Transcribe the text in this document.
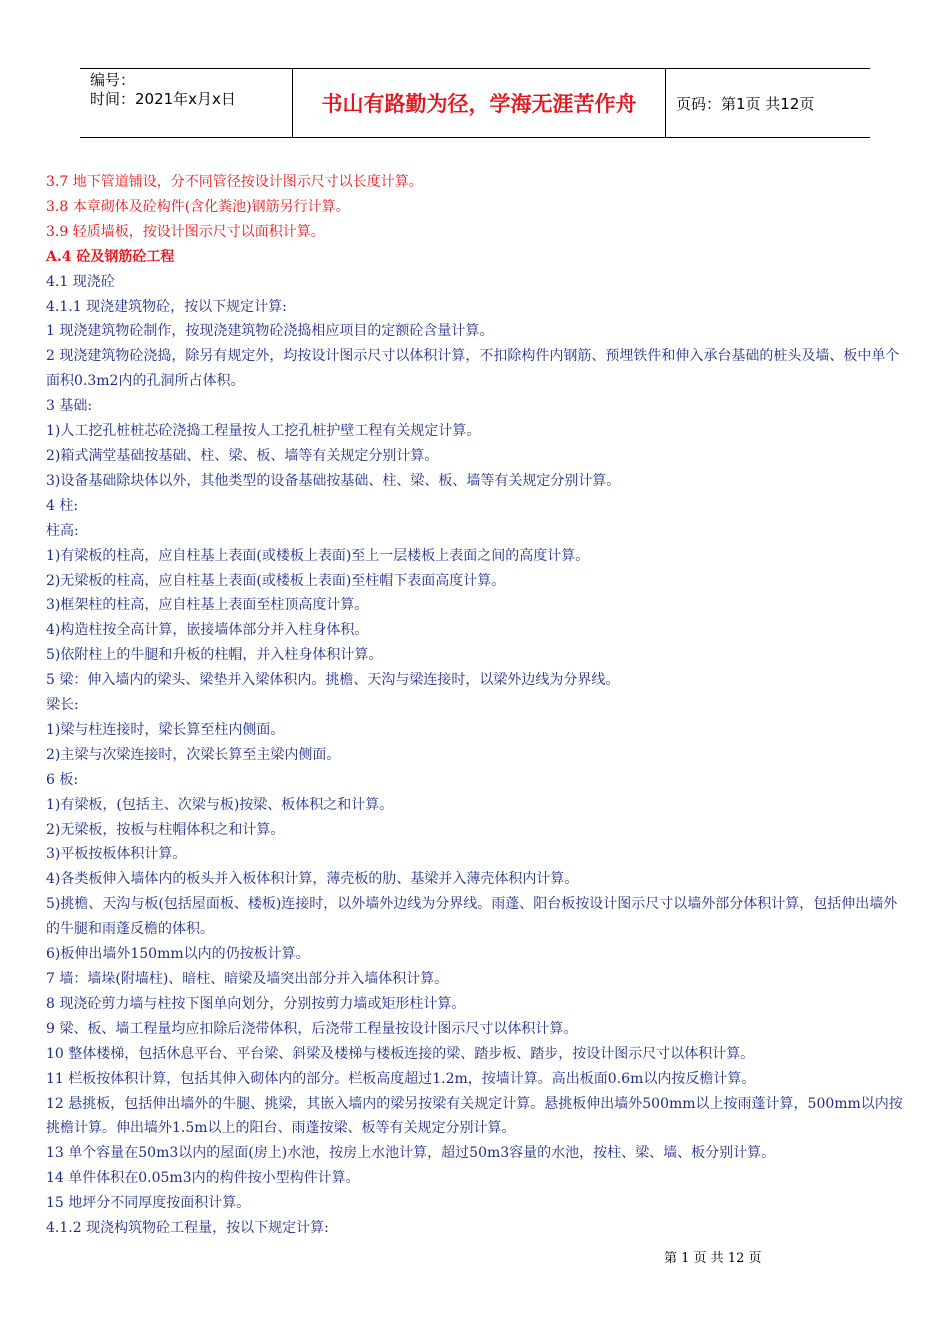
编号：
时间：2021年x月x日	书山有路勤为径，学海无涯苦作舟	页码：第1页 共12页
3.7 地下管道铺设，分不同管径按设计图示尺寸以长度计算。
3.8 本章砌体及砼构件(含化粪池)钢筋另行计算。
3.9 轻质墙板，按设计图示尺寸以面积计算。
A.4 砼及钢筋砼工程
4.1 现浇砼
4.1.1 现浇建筑物砼，按以下规定计算:
1 现浇建筑物砼制作，按现浇建筑物砼浇捣相应项目的定额砼含量计算。
2 现浇建筑物砼浇捣，除另有规定外，均按设计图示尺寸以体积计算，不扣除构件内钢筋、预埋铁件和伸入承台基础的桩头及墙、板中单个面积0.3m2内的孔洞所占体积。
3 基础:
1)人工挖孔桩桩芯砼浇捣工程量按人工挖孔桩护壁工程有关规定计算。
2)箱式满堂基础按基础、柱、梁、板、墙等有关规定分别计算。
3)设备基础除块体以外，其他类型的设备基础按基础、柱、梁、板、墙等有关规定分别计算。
4 柱:
柱高:
1)有梁板的柱高，应自柱基上表面(或楼板上表面)至上一层楼板上表面之间的高度计算。
2)无梁板的柱高，应自柱基上表面(或楼板上表面)至柱帽下表面高度计算。
3)框架柱的柱高，应自柱基上表面至柱顶高度计算。
4)构造柱按全高计算，嵌接墙体部分并入柱身体积。
5)依附柱上的牛腿和升板的柱帽，并入柱身体积计算。
5 梁：伸入墙内的梁头、梁垫并入梁体积内。挑檐、天沟与梁连接时，以梁外边线为分界线。
梁长:
1)梁与柱连接时，梁长算至柱内侧面。
2)主梁与次梁连接时，次梁长算至主梁内侧面。
6 板:
1)有梁板，(包括主、次梁与板)按梁、板体积之和计算。
2)无梁板，按板与柱帽体积之和计算。
3)平板按板体积计算。
4)各类板伸入墙体内的板头并入板体积计算，薄壳板的肋、基梁并入薄壳体积内计算。
5)挑檐、天沟与板(包括屋面板、楼板)连接时，以外墙外边线为分界线。雨蓬、阳台板按设计图示尺寸以墙外部分体积计算，包括伸出墙外的牛腿和雨蓬反檐的体积。
6)板伸出墙外150mm以内的仍按板计算。
7 墙：墙垛(附墙柱)、暗柱、暗梁及墙突出部分并入墙体积计算。
8 现浇砼剪力墙与柱按下图单向划分，分别按剪力墙或矩形柱计算。
9 梁、板、墙工程量均应扣除后浇带体积，后浇带工程量按设计图示尺寸以体积计算。
10 整体楼梯，包括休息平台、平台梁、斜梁及楼梯与楼板连接的梁、踏步板、踏步，按设计图示尺寸以体积计算。
11 栏板按体积计算，包括其伸入砌体内的部分。栏板高度超过1.2m，按墙计算。高出板面0.6m以内按反檐计算。
12 悬挑板，包括伸出墙外的牛腿、挑梁，其嵌入墙内的梁另按梁有关规定计算。悬挑板伸出墙外500mm以上按雨蓬计算，500mm以内按挑檐计算。伸出墙外1.5m以上的阳台、雨蓬按梁、板等有关规定分别计算。
13 单个容量在50m3以内的屋面(房上)水池，按房上水池计算，超过50m3容量的水池，按柱、梁、墙、板分别计算。
14 单件体积在0.05m3内的构件按小型构件计算。
15 地坪分不同厚度按面积计算。
4.1.2 现浇构筑物砼工程量，按以下规定计算:
第 1 页 共 12 页
